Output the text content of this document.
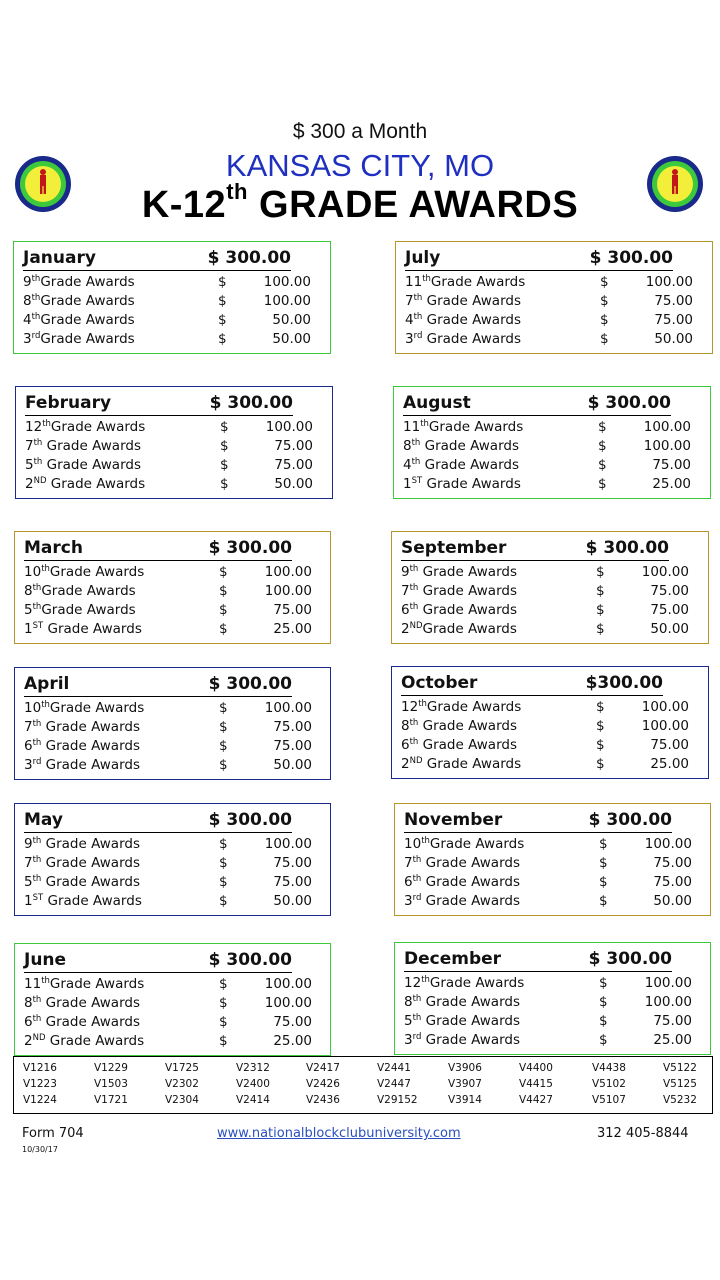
$ 300 a Month
KANSAS CITY, MO
K-12th GRADE AWARDS
January	$ 300.00
9thGrade Awards	$	100.00
8thGrade Awards	$	100.00
4thGrade Awards	$	50.00
3rdGrade Awards	$	50.00
July	$ 300.00
11thGrade Awards	$	100.00
7th Grade Awards	$	75.00
4th Grade Awards	$	75.00
3rd Grade Awards	$	50.00
February	$ 300.00
12thGrade Awards	$	100.00
7th Grade Awards	$	75.00
5th Grade Awards	$	75.00
2ND Grade Awards	$	50.00
August	$ 300.00
11thGrade Awards	$	100.00
8th Grade Awards	$	100.00
4th Grade Awards	$	75.00
1ST Grade Awards	$	25.00
March	$ 300.00
10thGrade Awards	$	100.00
8thGrade Awards	$	100.00
5thGrade Awards	$	75.00
1ST Grade Awards	$	25.00
September	$ 300.00
9th Grade Awards	$	100.00
7th Grade Awards	$	75.00
6th Grade Awards	$	75.00
2NDGrade Awards	$	50.00
April	$ 300.00
10thGrade Awards	$	100.00
7th Grade Awards	$	75.00
6th Grade Awards	$	75.00
3rd Grade Awards	$	50.00
October	$300.00
12thGrade Awards	$	100.00
8th Grade Awards	$	100.00
6th Grade Awards	$	75.00
2ND Grade Awards	$	25.00
May	$ 300.00
9th Grade Awards	$	100.00
7th Grade Awards	$	75.00
5th Grade Awards	$	75.00
1ST Grade Awards	$	50.00
November	$ 300.00
10thGrade Awards	$	100.00
7th Grade Awards	$	75.00
6th Grade Awards	$	75.00
3rd Grade Awards	$	50.00
June	$ 300.00
11thGrade Awards	$	100.00
8th Grade Awards	$	100.00
6th Grade Awards	$	75.00
2ND Grade Awards	$	25.00
December	$ 300.00
12thGrade Awards	$	100.00
8th Grade Awards	$	100.00
5th Grade Awards	$	75.00
3rd Grade Awards	$	25.00
V1216	V1229	V1725	V2312	V2417	V2441	V3906	V4400	V4438	V5122
V1223	V1503	V2302	V2400	V2426	V2447	V3907	V4415	V5102	V5125
V1224	V1721	V2304	V2414	V2436	V29152	V3914	V4427	V5107	V5232
Form 704
10/30/17
www.nationalblockclubuniversity.com	312 405-8844
